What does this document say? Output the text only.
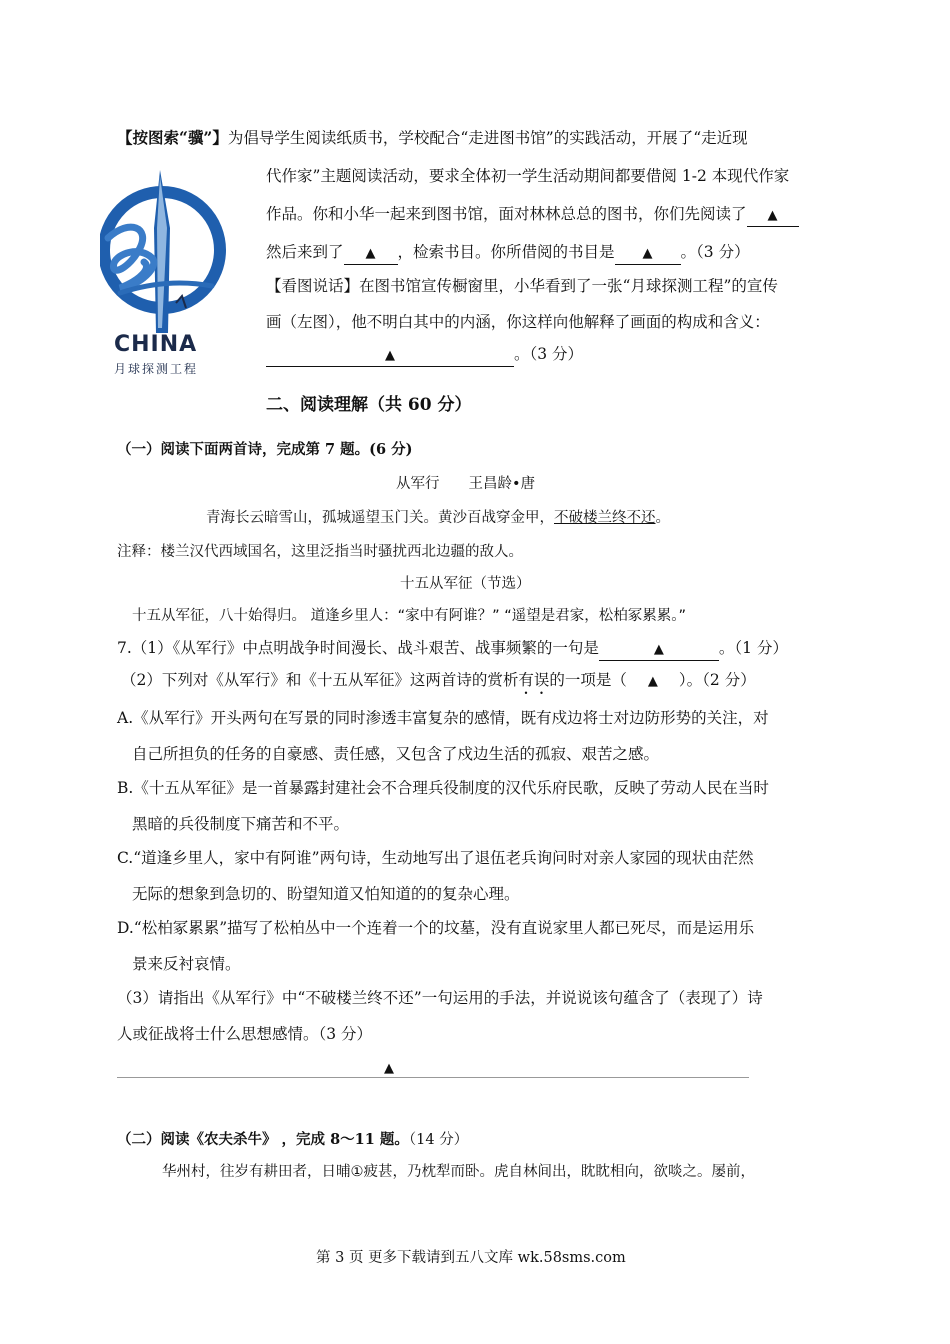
【按图索“骥”】为倡导学生阅读纸质书，学校配合“走进图书馆”的实践活动，开展了“走近现
代作家”主题阅读活动，要求全体初一学生活动期间都要借阅 1-2 本现代作家
作品。你和小华一起来到图书馆，面对林林总总的图书，你们先阅读了 ▲
然后来到了 ▲ ，检索书目。你所借阅的书目是 ▲ 。（3 分）
【看图说话】在图书馆宣传橱窗里，小华看到了一张“月球探测工程”的宣传
画（左图），他不明白其中的内涵，你这样向他解释了画面的构成和含义：
▲	。（3 分）
CHINA
月球探测工程
二、阅读理解（共 60 分）
（一）阅读下面两首诗，完成第 7 题。(6 分)
从军行　　王昌龄•唐
青海长云暗雪山，孤城遥望玉门关。黄沙百战穿金甲，不破楼兰终不还。
注释：楼兰汉代西域国名，这里泛指当时骚扰西北边疆的敌人。
十五从军征（节选）
十五从军征，八十始得归。 道逢乡里人：“家中有阿谁？” “遥望是君家，松柏冢累累。”
7.（1）《从军行》中点明战争时间漫长、战斗艰苦、战事频繁的一句是	▲	。（1 分）
（2）下列对《从军行》和《十五从军征》这两首诗的赏析有误的一项是（ ▲ ）。（2 分）
A.《从军行》开头两句在写景的同时渗透丰富复杂的感情，既有戍边将士对边防形势的关注，对
自己所担负的任务的自豪感、责任感，又包含了戍边生活的孤寂、艰苦之感。
B.《十五从军征》是一首暴露封建社会不合理兵役制度的汉代乐府民歌，反映了劳动人民在当时
黑暗的兵役制度下痛苦和不平。
C.“道逢乡里人，家中有阿谁”两句诗，生动地写出了退伍老兵询问时对亲人家园的现状由茫然
无际的想象到急切的、盼望知道又怕知道的的复杂心理。
D.“松柏冢累累”描写了松柏丛中一个连着一个的坟墓，没有直说家里人都已死尽，而是运用乐
景来反衬哀情。
（3）请指出《从军行》中“不破楼兰终不还”一句运用的手法，并说说该句蕴含了（表现了）诗
人或征战将士什么思想感情。（3 分）
▲
（二）阅读《农夫杀牛》 ，完成 8～11 题。（14 分）
华州村，往岁有耕田者，日晡①疲甚，乃枕犁而卧。虎自林间出，眈眈相向，欲啖之。屡前，
第 3 页 更多下载请到五八文库 wk.58sms.com
